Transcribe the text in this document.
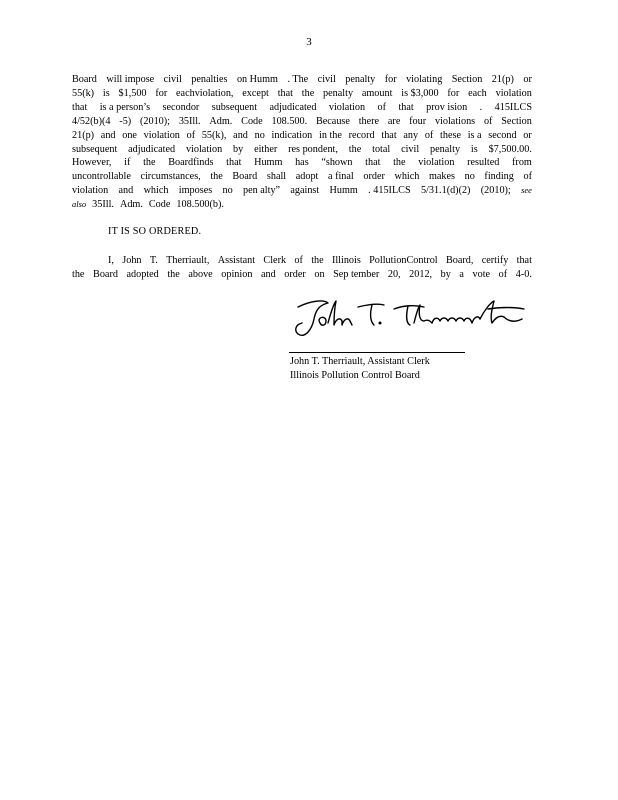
3
Board will impose civil penalties on Humm . The civil penalty for violating Section 21(p) or
55(k) is $1,500 for eachviolation, except that the penalty amount is $3,000 for each violation
that is a person’s secondor subsequent adjudicated violation of that prov ision . 415ILCS
4/52(b)(4 -5) (2010); 35Ill. Adm. Code 108.500. Because there are four violations of Section
21(p) and one violation of 55(k), and no indication in the record that any of these is a second or
subsequent adjudicated violation by either res pondent, the total civil penalty is $7,500.00.
However, if the Boardfinds that Humm has “shown that the violation resulted from
uncontrollable circumstances, the Board shall adopt a final order which makes no finding of
violation and which imposes no pen alty” against Humm . 415ILCS 5/31.1(d)(2) (2010); see
also 35Ill. Adm. Code 108.500(b).
IT IS SO ORDERED.
I, John T. Therriault, Assistant Clerk of the Illinois PollutionControl Board, certify that
the Board adopted the above opinion and order on Sep tember 20, 2012, by a vote of 4-0.
John T. Therriault, Assistant Clerk
Illinois Pollution Control Board
